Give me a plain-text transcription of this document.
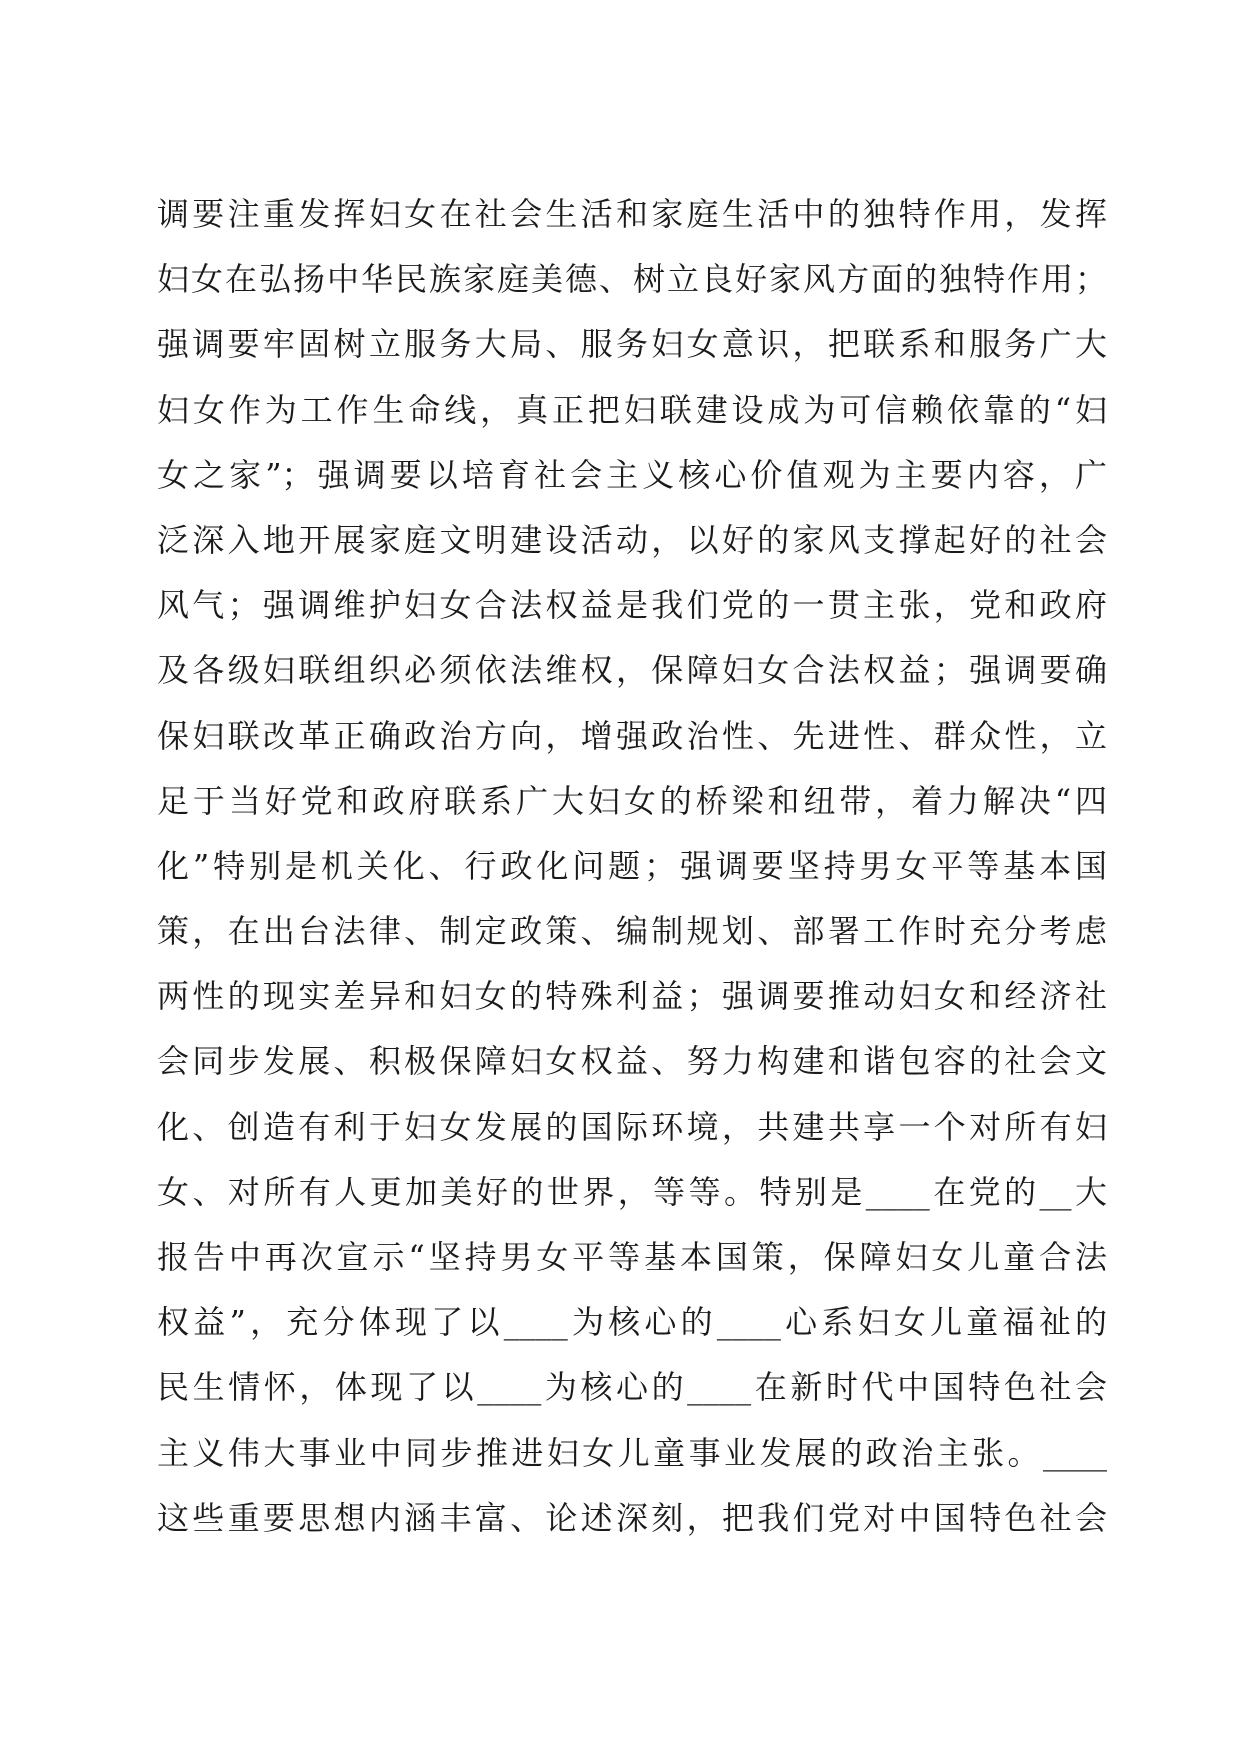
调要注重发挥妇女在社会生活和家庭生活中的独特作用，发挥
妇女在弘扬中华民族家庭美德、树立良好家风方面的独特作用；
强调要牢固树立服务大局、服务妇女意识，把联系和服务广大
妇女作为工作生命线，真正把妇联建设成为可信赖依靠的“妇
女之家”；强调要以培育社会主义核心价值观为主要内容，广
泛深入地开展家庭文明建设活动，以好的家风支撑起好的社会
风气；强调维护妇女合法权益是我们党的一贯主张，党和政府
及各级妇联组织必须依法维权，保障妇女合法权益；强调要确
保妇联改革正确政治方向，增强政治性、先进性、群众性，立
足于当好党和政府联系广大妇女的桥梁和纽带，着力解决“四
化”特别是机关化、行政化问题；强调要坚持男女平等基本国
策，在出台法律、制定政策、编制规划、部署工作时充分考虑
两性的现实差异和妇女的特殊利益；强调要推动妇女和经济社
会同步发展、积极保障妇女权益、努力构建和谐包容的社会文
化、创造有利于妇女发展的国际环境，共建共享一个对所有妇
女、对所有人更加美好的世界，等等。特别是____在党的__大
报告中再次宣示“坚持男女平等基本国策，保障妇女儿童合法
权益”，充分体现了以____为核心的____心系妇女儿童福祉的
民生情怀，体现了以____为核心的____在新时代中国特色社会
主义伟大事业中同步推进妇女儿童事业发展的政治主张。____
这些重要思想内涵丰富、论述深刻，把我们党对中国特色社会
